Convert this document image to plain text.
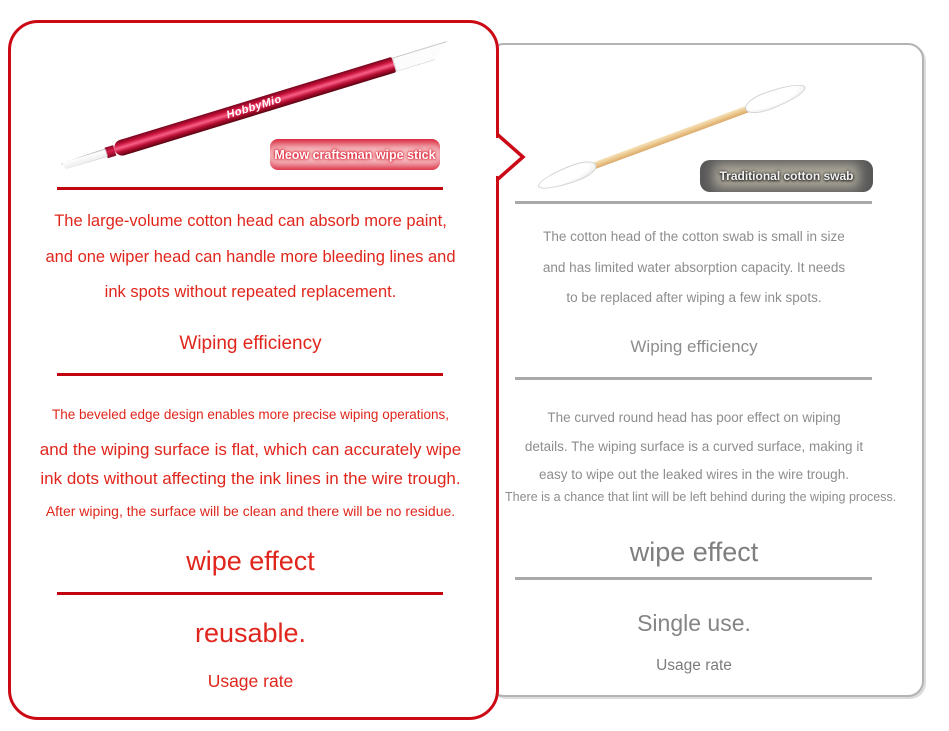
HobbyMio
Meow craftsman wipe stick
The large-volume cotton head can absorb more paint,
and one wiper head can handle more bleeding lines and
ink spots without repeated replacement.
Wiping efficiency
The beveled edge design enables more precise wiping operations,
and the wiping surface is flat, which can accurately wipe
ink dots without affecting the ink lines in the wire trough.
After wiping, the surface will be clean and there will be no residue.
wipe effect
reusable.
Usage rate
Traditional cotton swab
The cotton head of the cotton swab is small in size
and has limited water absorption capacity. It needs
to be replaced after wiping a few ink spots.
Wiping efficiency
The curved round head has poor effect on wiping
details. The wiping surface is a curved surface, making it
easy to wipe out the leaked wires in the wire trough.
There is a chance that lint will be left behind during the wiping process.
wipe effect
Single use.
Usage rate
